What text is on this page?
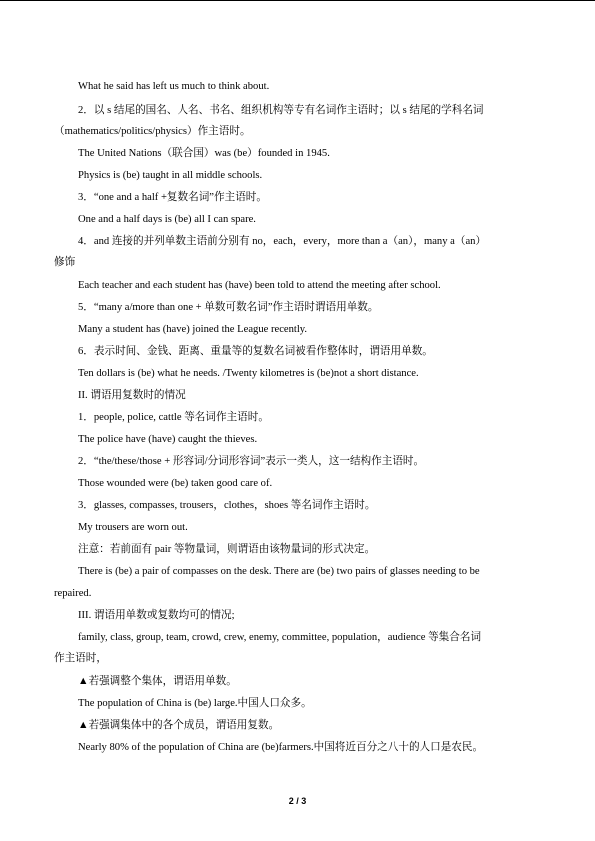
What he said has left us much to think about.
2．以 s 结尾的国名、人名、书名、组织机构等专有名词作主语时；以 s 结尾的学科名词
（mathematics/politics/physics）作主语时。
The United Nations（联合国）was (be）founded in 1945.
Physics is (be) taught in all middle schools.
3．“one and a half +复数名词”作主语时。
One and a half days is (be) all I can spare.
4．and 连接的并列单数主语前分别有 no，each，every，more than a（an），many a（an）
修饰
Each teacher and each student has (have) been told to attend the meeting after school.
5．“many a/more than one + 单数可数名词”作主语时谓语用单数。
Many a student has (have) joined the League recently.
6．表示时间、金钱、距离、重量等的复数名词被看作整体时，谓语用单数。
Ten dollars is (be) what he needs. /Twenty kilometres is (be)not a short distance.
II. 谓语用复数时的情况
1．people, police, cattle 等名词作主语时。
The police have (have) caught the thieves.
2．“the/these/those + 形容词/分词形容词”表示一类人，这一结构作主语时。
Those wounded were (be) taken good care of.
3．glasses, compasses, trousers，clothes，shoes 等名词作主语时。
My trousers are worn out.
注意：若前面有 pair 等物量词，则谓语由该物量词的形式决定。
There is (be) a pair of compasses on the desk. There are (be) two pairs of glasses needing to be
repaired.
III. 谓语用单数或复数均可的情况;
family, class, group, team, crowd, crew, enemy, committee, population，audience 等集合名词
作主语时，
▲若强调整个集体，谓语用单数。
The population of China is (be) large.中国人口众多。
▲若强调集体中的各个成员，谓语用复数。
Nearly 80% of the population of China are (be)farmers.中国将近百分之八十的人口是农民。
2 / 3
